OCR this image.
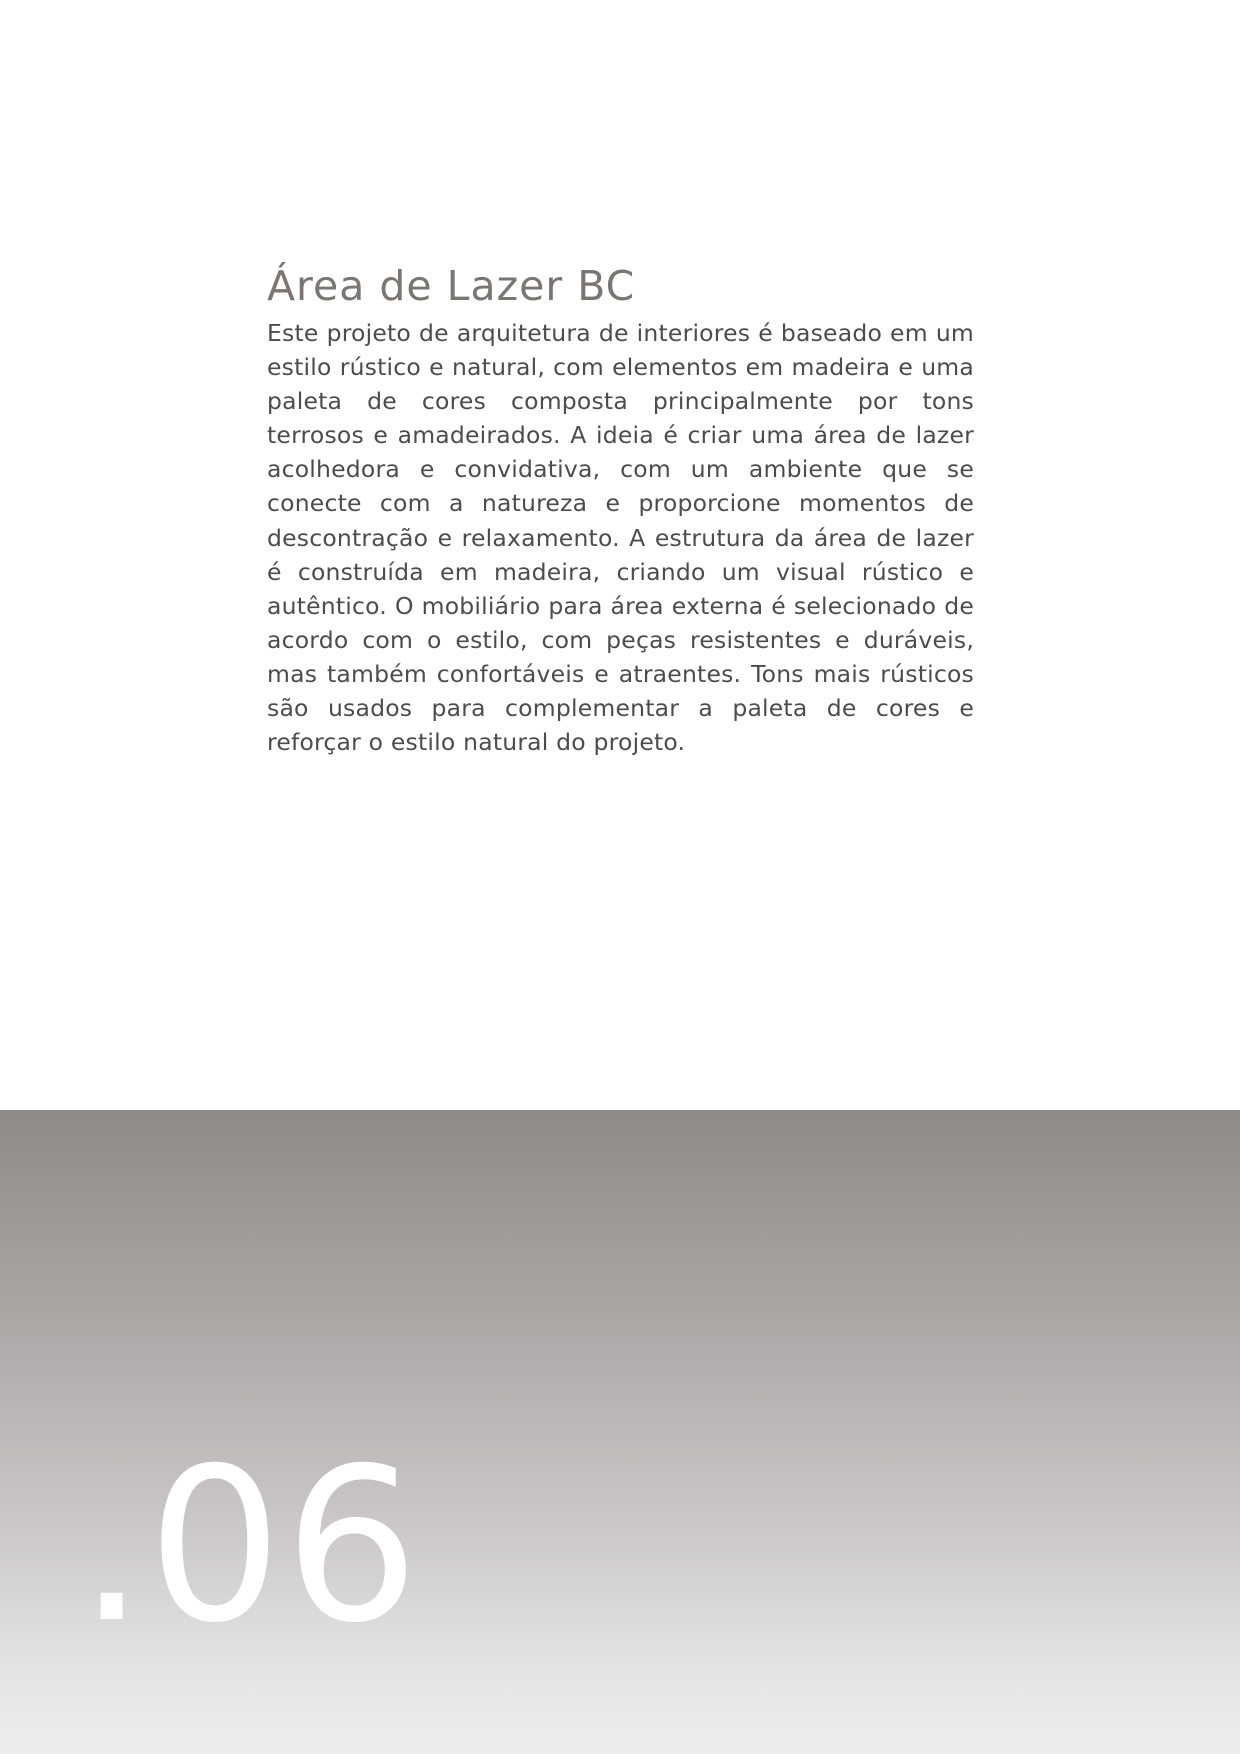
Área de Lazer BC

Este projeto de arquitetura de interiores é baseado em um estilo rústico e natural, com elementos em madeira e uma paleta de cores composta principalmente por tons terrosos e amadeirados. A ideia é criar uma área de lazer acolhedora e convidativa, com um ambiente que se conecte com a natureza e proporcione momentos de descontração e relaxamento. A estrutura da área de lazer é construída em madeira, criando um visual rústico e autêntico. O mobiliário para área externa é selecionado de acordo com o estilo, com peças resistentes e duráveis, mas também confortáveis e atraentes. Tons mais rústicos são usados para complementar a paleta de cores e reforçar o estilo natural do projeto.

.06
